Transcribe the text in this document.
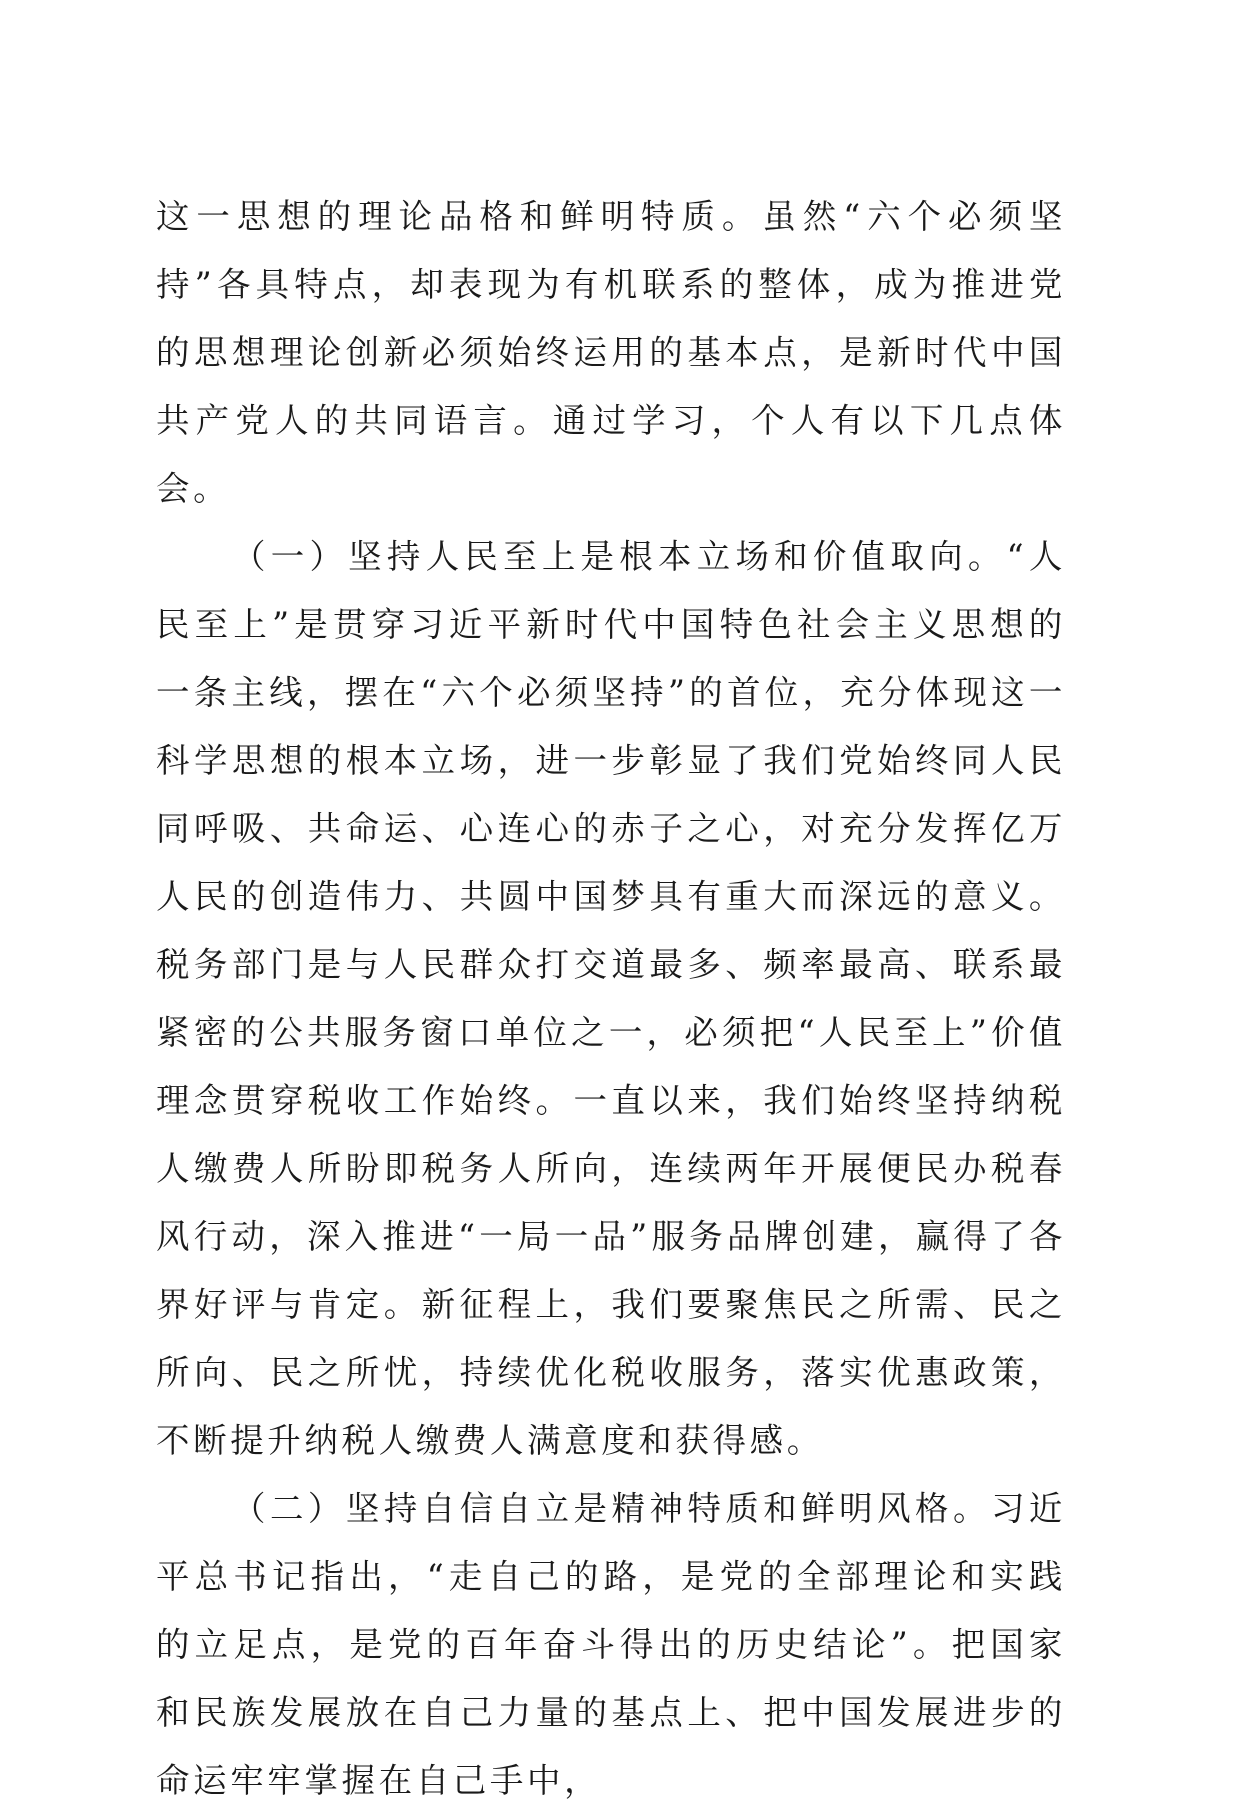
这一思想的理论品格和鲜明特质。虽然“六个必须坚持”各具特点，却表现为有机联系的整体，成为推进党的思想理论创新必须始终运用的基本点，是新时代中国共产党人的共同语言。通过学习，个人有以下几点体会。

（一）坚持人民至上是根本立场和价值取向。“人民至上”是贯穿习近平新时代中国特色社会主义思想的一条主线，摆在“六个必须坚持”的首位，充分体现这一科学思想的根本立场，进一步彰显了我们党始终同人民同呼吸、共命运、心连心的赤子之心，对充分发挥亿万人民的创造伟力、共圆中国梦具有重大而深远的意义。税务部门是与人民群众打交道最多、频率最高、联系最紧密的公共服务窗口单位之一，必须把“人民至上”价值理念贯穿税收工作始终。一直以来，我们始终坚持纳税人缴费人所盼即税务人所向，连续两年开展便民办税春风行动，深入推进“一局一品”服务品牌创建，赢得了各界好评与肯定。新征程上，我们要聚焦民之所需、民之所向、民之所忧，持续优化税收服务，落实优惠政策，不断提升纳税人缴费人满意度和获得感。

（二）坚持自信自立是精神特质和鲜明风格。习近平总书记指出，“走自己的路，是党的全部理论和实践的立足点，是党的百年奋斗得出的历史结论”。把国家和民族发展放在自己力量的基点上、把中国发展进步的命运牢牢掌握在自己手中，
